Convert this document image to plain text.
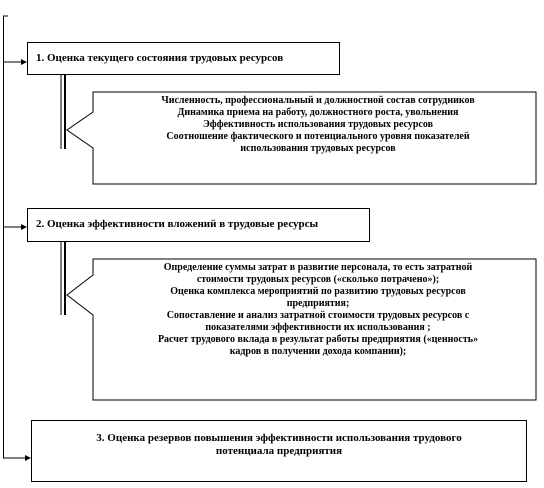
1. Оценка текущего состояния трудовых ресурсов
Численность, профессиональный и должностной состав сотрудников
Динамика приема на работу, должностного роста, увольнения
Эффективность использования трудовых ресурсов
Соотношение фактического и потенциального уровня показателей
использования трудовых ресурсов
2. Оценка эффективности вложений в трудовые ресурсы
Определение суммы затрат в развитие персонала, то есть затратной
стоимости трудовых ресурсов («сколько потрачено»);
Оценка комплекса мероприятий по развитию трудовых ресурсов
предприятия;
Сопоставление и анализ затратной стоимости трудовых ресурсов с
показателями эффективности их использования ;
Расчет трудового вклада в результат работы предприятия («ценность»
кадров в получении дохода компании);
3. Оценка резервов повышения эффективности использования трудового
потенциала предприятия
